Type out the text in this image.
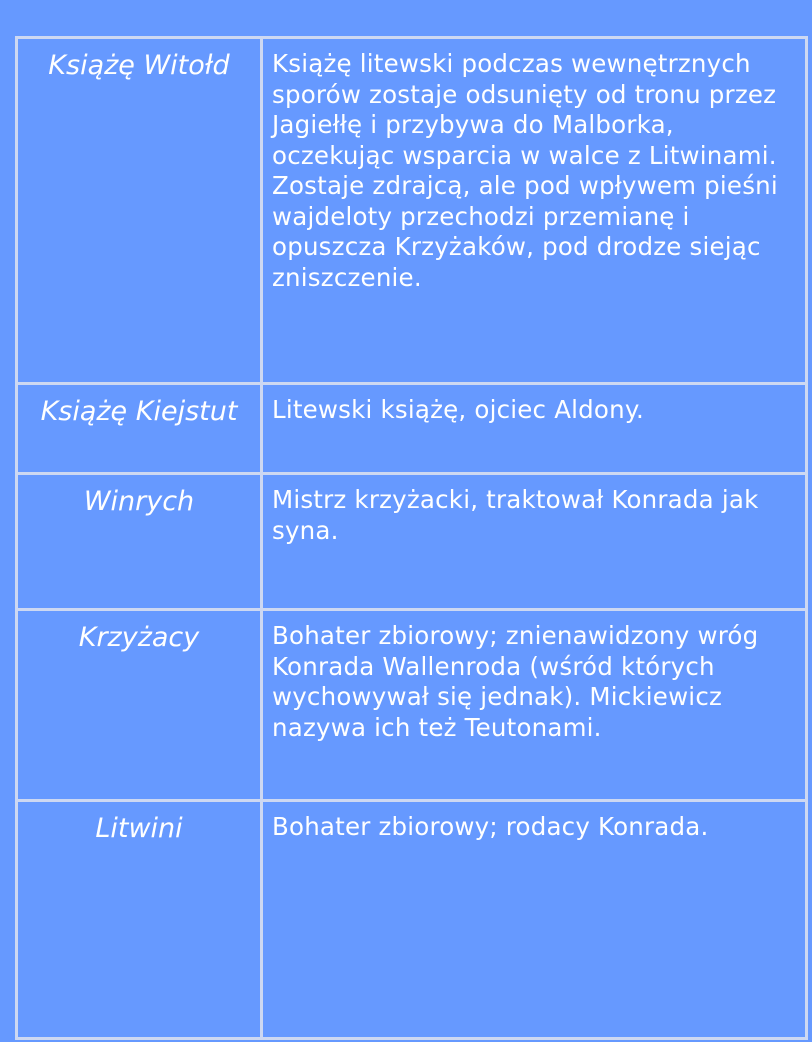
Książę Witołd	Książę litewski podczas wewnętrznych sporów zostaje odsunięty od tronu przez Jagiełłę i przybywa do Malborka, oczekując wsparcia w walce z Litwinami. Zostaje zdrajcą, ale pod wpływem pieśni wajdeloty przechodzi przemianę i opuszcza Krzyżaków, pod drodze siejąc zniszczenie.
Książę Kiejstut	Litewski książę, ojciec Aldony.
Winrych	Mistrz krzyżacki, traktował Konrada jak syna.
Krzyżacy	Bohater zbiorowy; znienawidzony wróg Konrada Wallenroda (wśród których wychowywał się jednak). Mickiewicz nazywa ich też Teutonami.
Litwini	Bohater zbiorowy; rodacy Konrada.
